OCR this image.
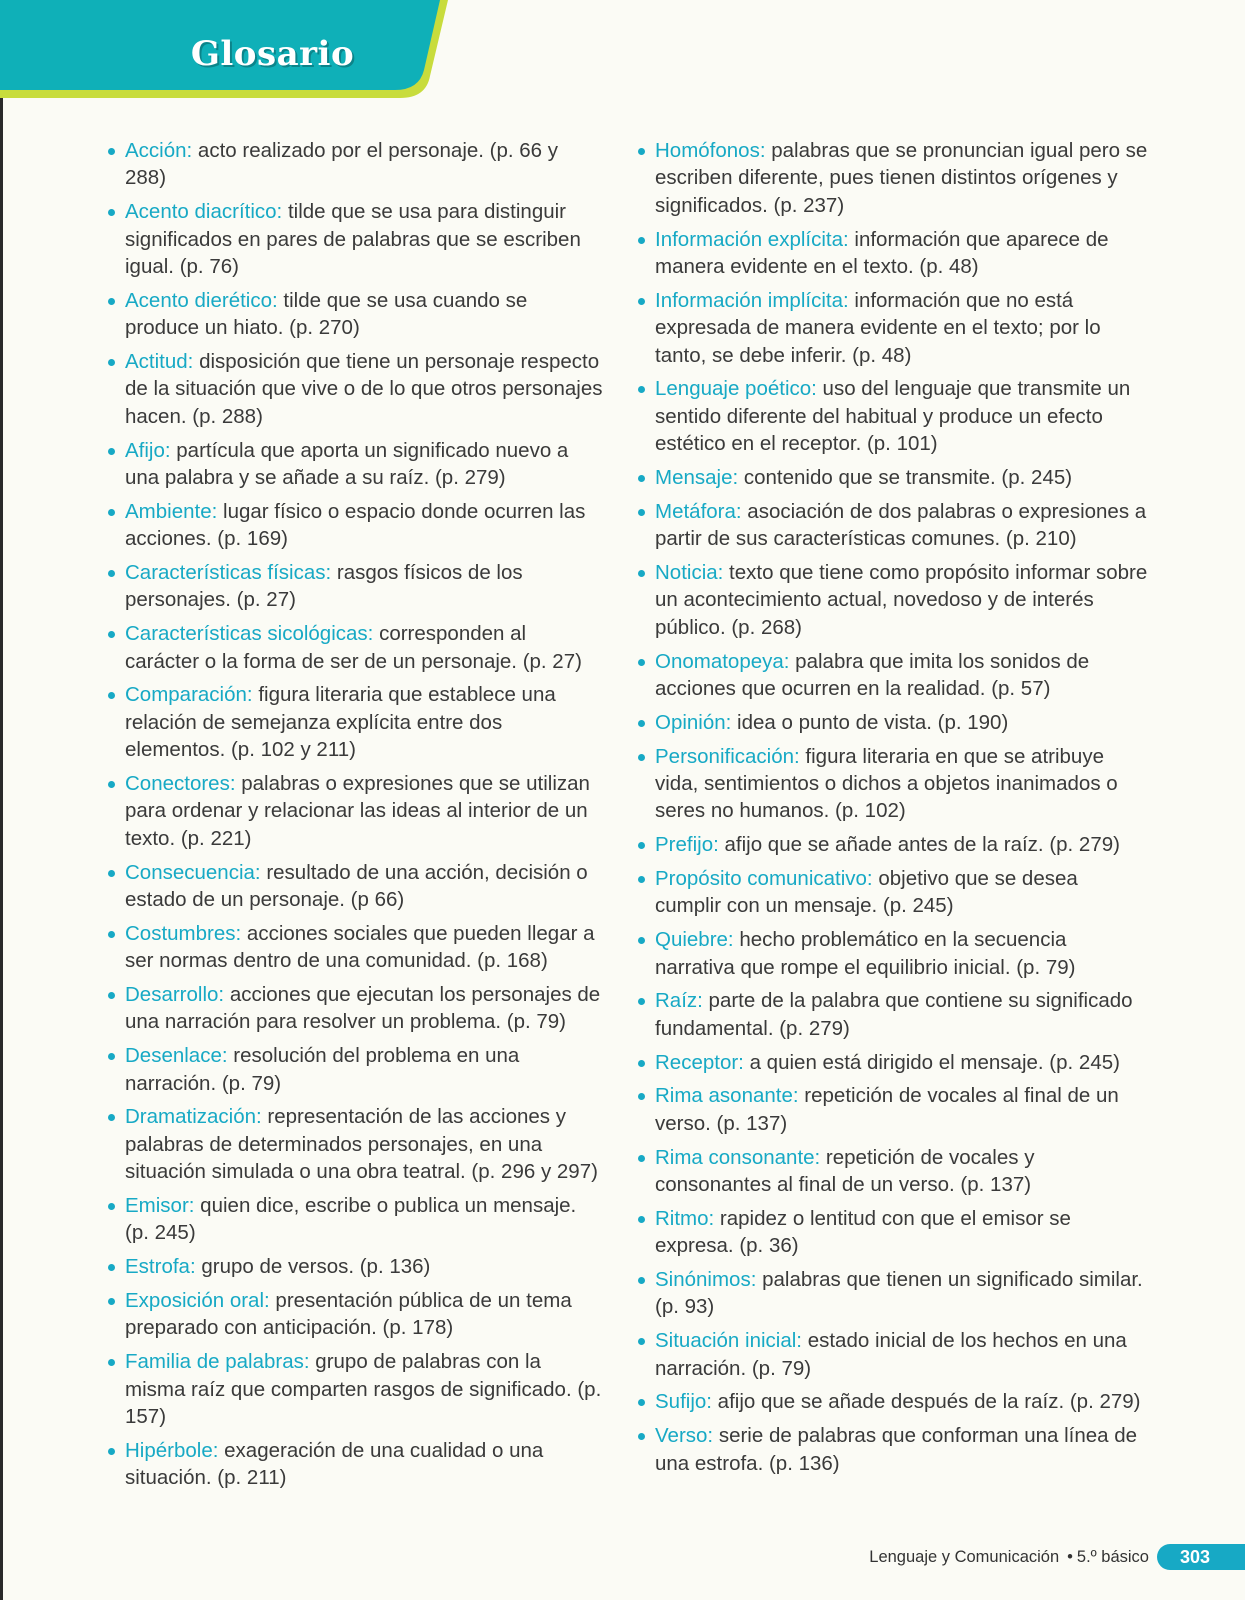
Glosario
Acción: acto realizado por el personaje. (p. 66 y 288)
Acento diacrítico: tilde que se usa para distinguir significados en pares de palabras que se escriben igual. (p. 76)
Acento dierético: tilde que se usa cuando se produce un hiato. (p. 270)
Actitud: disposición que tiene un personaje respecto de la situación que vive o de lo que otros personajes hacen. (p. 288)
Afijo: partícula que aporta un significado nuevo a una palabra y se añade a su raíz. (p. 279)
Ambiente: lugar físico o espacio donde ocurren las acciones. (p. 169)
Características físicas: rasgos físicos de los personajes. (p. 27)
Características sicológicas: corresponden al carácter o la forma de ser de un personaje. (p. 27)
Comparación: figura literaria que establece una relación de semejanza explícita entre dos elementos. (p. 102 y 211)
Conectores: palabras o expresiones que se utilizan para ordenar y relacionar las ideas al interior de un texto. (p. 221)
Consecuencia: resultado de una acción, decisión o estado de un personaje. (p 66)
Costumbres: acciones sociales que pueden llegar a ser normas dentro de una comunidad. (p. 168)
Desarrollo: acciones que ejecutan los personajes de una narración para resolver un problema. (p. 79)
Desenlace: resolución del problema en una narración. (p. 79)
Dramatización: representación de las acciones y palabras de determinados personajes, en una situación simulada o una obra teatral. (p. 296 y 297)
Emisor: quien dice, escribe o publica un mensaje. (p. 245)
Estrofa: grupo de versos. (p. 136)
Exposición oral: presentación pública de un tema preparado con anticipación. (p. 178)
Familia de palabras: grupo de palabras con la misma raíz que comparten rasgos de significado. (p. 157)
Hipérbole: exageración de una cualidad o una situación. (p. 211)
Homófonos: palabras que se pronuncian igual pero se escriben diferente, pues tienen distintos orígenes y significados. (p. 237)
Información explícita: información que aparece de manera evidente en el texto. (p. 48)
Información implícita: información que no está expresada de manera evidente en el texto; por lo tanto, se debe inferir. (p. 48)
Lenguaje poético: uso del lenguaje que transmite un sentido diferente del habitual y produce un efecto estético en el receptor. (p. 101)
Mensaje: contenido que se transmite. (p. 245)
Metáfora: asociación de dos palabras o expresiones a partir de sus características comunes. (p. 210)
Noticia: texto que tiene como propósito informar sobre un acontecimiento actual, novedoso y de interés público. (p. 268)
Onomatopeya: palabra que imita los sonidos de acciones que ocurren en la realidad. (p. 57)
Opinión: idea o punto de vista. (p. 190)
Personificación: figura literaria en que se atribuye vida, sentimientos o dichos a objetos inanimados o seres no humanos. (p. 102)
Prefijo: afijo que se añade antes de la raíz. (p. 279)
Propósito comunicativo: objetivo que se desea cumplir con un mensaje. (p. 245)
Quiebre: hecho problemático en la secuencia narrativa que rompe el equilibrio inicial. (p. 79)
Raíz: parte de la palabra que contiene su significado fundamental. (p. 279)
Receptor: a quien está dirigido el mensaje. (p. 245)
Rima asonante: repetición de vocales al final de un verso. (p. 137)
Rima consonante: repetición de vocales y consonantes al final de un verso. (p. 137)
Ritmo: rapidez o lentitud con que el emisor se expresa. (p. 36)
Sinónimos: palabras que tienen un significado similar. (p. 93)
Situación inicial: estado inicial de los hechos en una narración. (p. 79)
Sufijo: afijo que se añade después de la raíz. (p. 279)
Verso: serie de palabras que conforman una línea de una estrofa. (p. 136)
Lenguaje y Comunicación • 5.º básico	303
